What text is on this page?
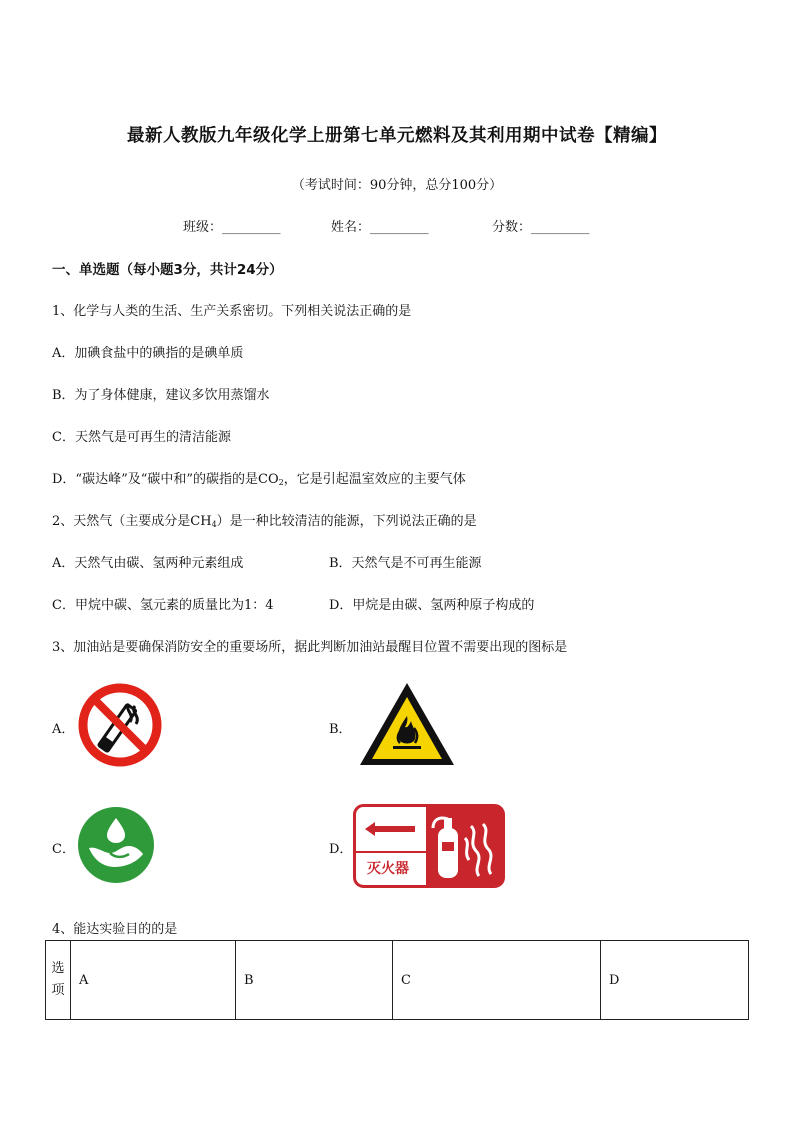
最新人教版九年级化学上册第七单元燃料及其利用期中试卷【精编】
（考试时间：90分钟，总分100分）
班级：_________	姓名：_________	分数：_________
一、单选题（每小题3分，共计24分）
1、化学与人类的生活、生产关系密切。下列相关说法正确的是
A．加碘食盐中的碘指的是碘单质
B．为了身体健康，建议多饮用蒸馏水
C．天然气是可再生的清洁能源
D．“碳达峰”及“碳中和”的碳指的是$CO_2$，它是引起温室效应的主要气体
2、天然气（主要成分是$CH_4$）是一种比较清洁的能源，下列说法正确的是
A．天然气由碳、氢两种元素组成	B．天然气是不可再生能源
C．甲烷中碳、氢元素的质量比为1：4	D．甲烷是由碳、氢两种原子构成的
3、加油站是要确保消防安全的重要场所，据此判断加油站最醒目位置不需要出现的图标是
A．	B．
C．	D．
灭火器
4、能达实验目的的是
选
项
	A	B	C	D
